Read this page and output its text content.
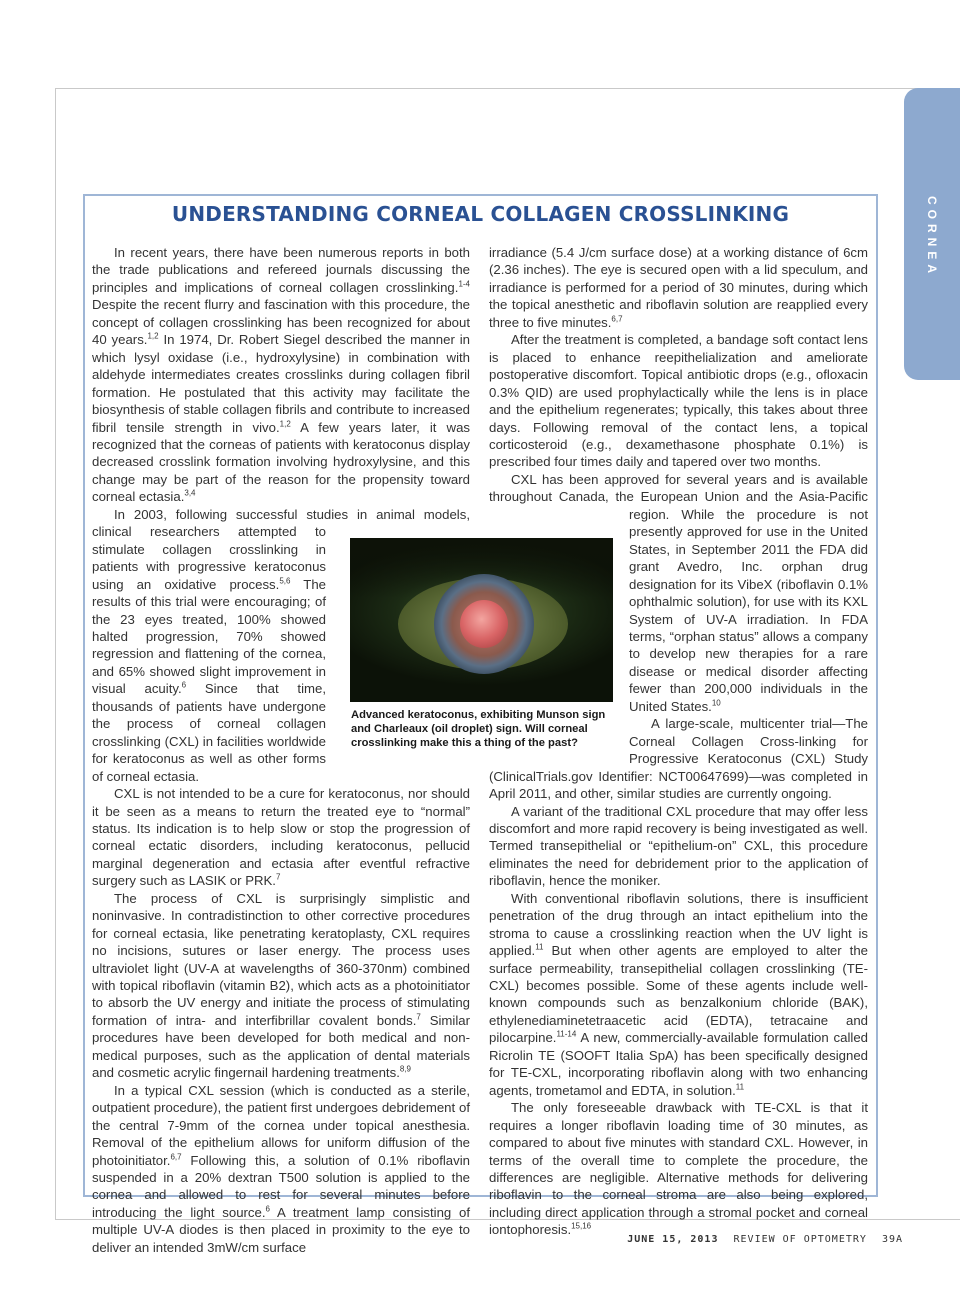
CORNEA
UNDERSTANDING CORNEAL COLLAGEN CROSSLINKING

In recent years, there have been numerous reports in both the trade publications and refereed journals discussing the principles and implications of corneal collagen crosslinking.$^{1-4}$ Despite the recent flurry and fascination with this procedure, the concept of collagen crosslinking has been recognized for about 40 years.$^{1,2}$ In 1974, Dr. Robert Siegel described the manner in which lysyl oxidase (i.e., hydroxylysine) in combination with aldehyde intermediates creates crosslinks during collagen fibril formation. He postulated that this activity may facilitate the biosynthesis of stable collagen fibrils and contribute to increased fibril tensile strength in vivo.$^{1,2}$ A few years later, it was recognized that the corneas of patients with keratoconus display decreased crosslink formation involving hydroxylysine, and this change may be part of the reason for the propensity toward corneal ectasia.$^{3,4}$

In 2003, following successful studies in animal models, clinical researchers attempted to stimulate collagen crosslinking in patients with progressive keratoconus using an oxidative process.$^{5,6}$ The results of this trial were encouraging; of the 23 eyes treated, 100% showed halted progression, 70% showed regression and flattening of the cornea, and 65% showed slight improvement in visual acuity.$^6$ Since that time, thousands of patients have undergone the process of corneal collagen crosslinking (CXL) in facilities worldwide for keratoconus as well as other forms of corneal ectasia.

CXL is not intended to be a cure for keratoconus, nor should it be seen as a means to return the treated eye to “normal” status. Its indication is to help slow or stop the progression of corneal ectatic disorders, including keratoconus, pellucid marginal degeneration and ectasia after eventful refractive surgery such as LASIK or PRK.$^7$

The process of CXL is surprisingly simplistic and noninvasive. In contradistinction to other corrective procedures for corneal ectasia, like penetrating keratoplasty, CXL requires no incisions, sutures or laser energy. The process uses ultraviolet light (UV-A at wavelengths of 360-370nm) combined with topical riboflavin (vitamin B2), which acts as a photoinitiator to absorb the UV energy and initiate the process of stimulating formation of intra- and interfibrillar covalent bonds.$^7$ Similar procedures have been developed for both medical and non-medical purposes, such as the application of dental materials and cosmetic acrylic fingernail hardening treatments.$^{8,9}$

In a typical CXL session (which is conducted as a sterile, outpatient procedure), the patient first undergoes debridement of the central 7-9mm of the cornea under topical anesthesia. Removal of the epithelium allows for uniform diffusion of the photoinitiator.$^{6,7}$ Following this, a solution of 0.1% riboflavin suspended in a 20% dextran T500 solution is applied to the cornea and allowed to rest for several minutes before introducing the light source.$^6$ A treatment lamp consisting of multiple UV-A diodes is then placed in proximity to the eye to deliver an intended 3mW/cm surface

irradiance (5.4 J/cm surface dose) at a working distance of 6cm (2.36 inches). The eye is secured open with a lid speculum, and irradiance is performed for a period of 30 minutes, during which the topical anesthetic and riboflavin solution are reapplied every three to five minutes.$^{6,7}$

After the treatment is completed, a bandage soft contact lens is placed to enhance reepithelialization and ameliorate postoperative discomfort. Topical antibiotic drops (e.g., ofloxacin 0.3% QID) are used prophylactically while the lens is in place and the epithelium regenerates; typically, this takes about three days. Following removal of the contact lens, a topical corticosteroid (e.g., dexamethasone phosphate 0.1%) is prescribed four times daily and tapered over two months.

CXL has been approved for several years and is available throughout Canada, the European Union and the Asia-Pacific region. While the procedure is not presently approved for use in the United States, in September 2011 the FDA did grant Avedro, Inc. orphan drug designation for its VibeX (riboflavin 0.1% ophthalmic solution), for use with its KXL System of UV-A irradiation. In FDA terms, “orphan status” allows a company to develop new therapies for a rare disease or medical disorder affecting fewer than 200,000 individuals in the United States.$^{10}$

A large-scale, multicenter trial—The Corneal Collagen Cross-linking for Progressive Keratoconus (CXL) Study (ClinicalTrials.gov Identifier: NCT00647699)—was completed in April 2011, and other, similar studies are currently ongoing.

A variant of the traditional CXL procedure that may offer less discomfort and more rapid recovery is being investigated as well. Termed transepithelial or “epithelium-on” CXL, this procedure eliminates the need for debridement prior to the application of riboflavin, hence the moniker.

With conventional riboflavin solutions, there is insufficient penetration of the drug through an intact epithelium into the stroma to cause a crosslinking reaction when the UV light is applied.$^{11}$ But when other agents are employed to alter the surface permeability, transepithelial collagen crosslinking (TE-CXL) becomes possible. Some of these agents include well-known compounds such as benzalkonium chloride (BAK), ethylenediaminetetraacetic acid (EDTA), tetracaine and pilocarpine.$^{11-14}$ A new, commercially-available formulation called Ricrolin TE (SOOFT Italia SpA) has been specifically designed for TE-CXL, incorporating riboflavin along with two enhancing agents, trometamol and EDTA, in solution.$^{11}$

The only foreseeable drawback with TE-CXL is that it requires a longer riboflavin loading time of 30 minutes, as compared to about five minutes with standard CXL. However, in terms of the overall time to complete the procedure, the differences are negligible. Alternative methods for delivering riboflavin to the corneal stroma are also being explored, including direct application through a stromal pocket and corneal iontophoresis.$^{15,16}$

Advanced keratoconus, exhibiting Munson sign and Charleaux (oil droplet) sign. Will corneal crosslinking make this a thing of the past?
JUNE 15, 2013 REVIEW OF OPTOMETRY 39A
